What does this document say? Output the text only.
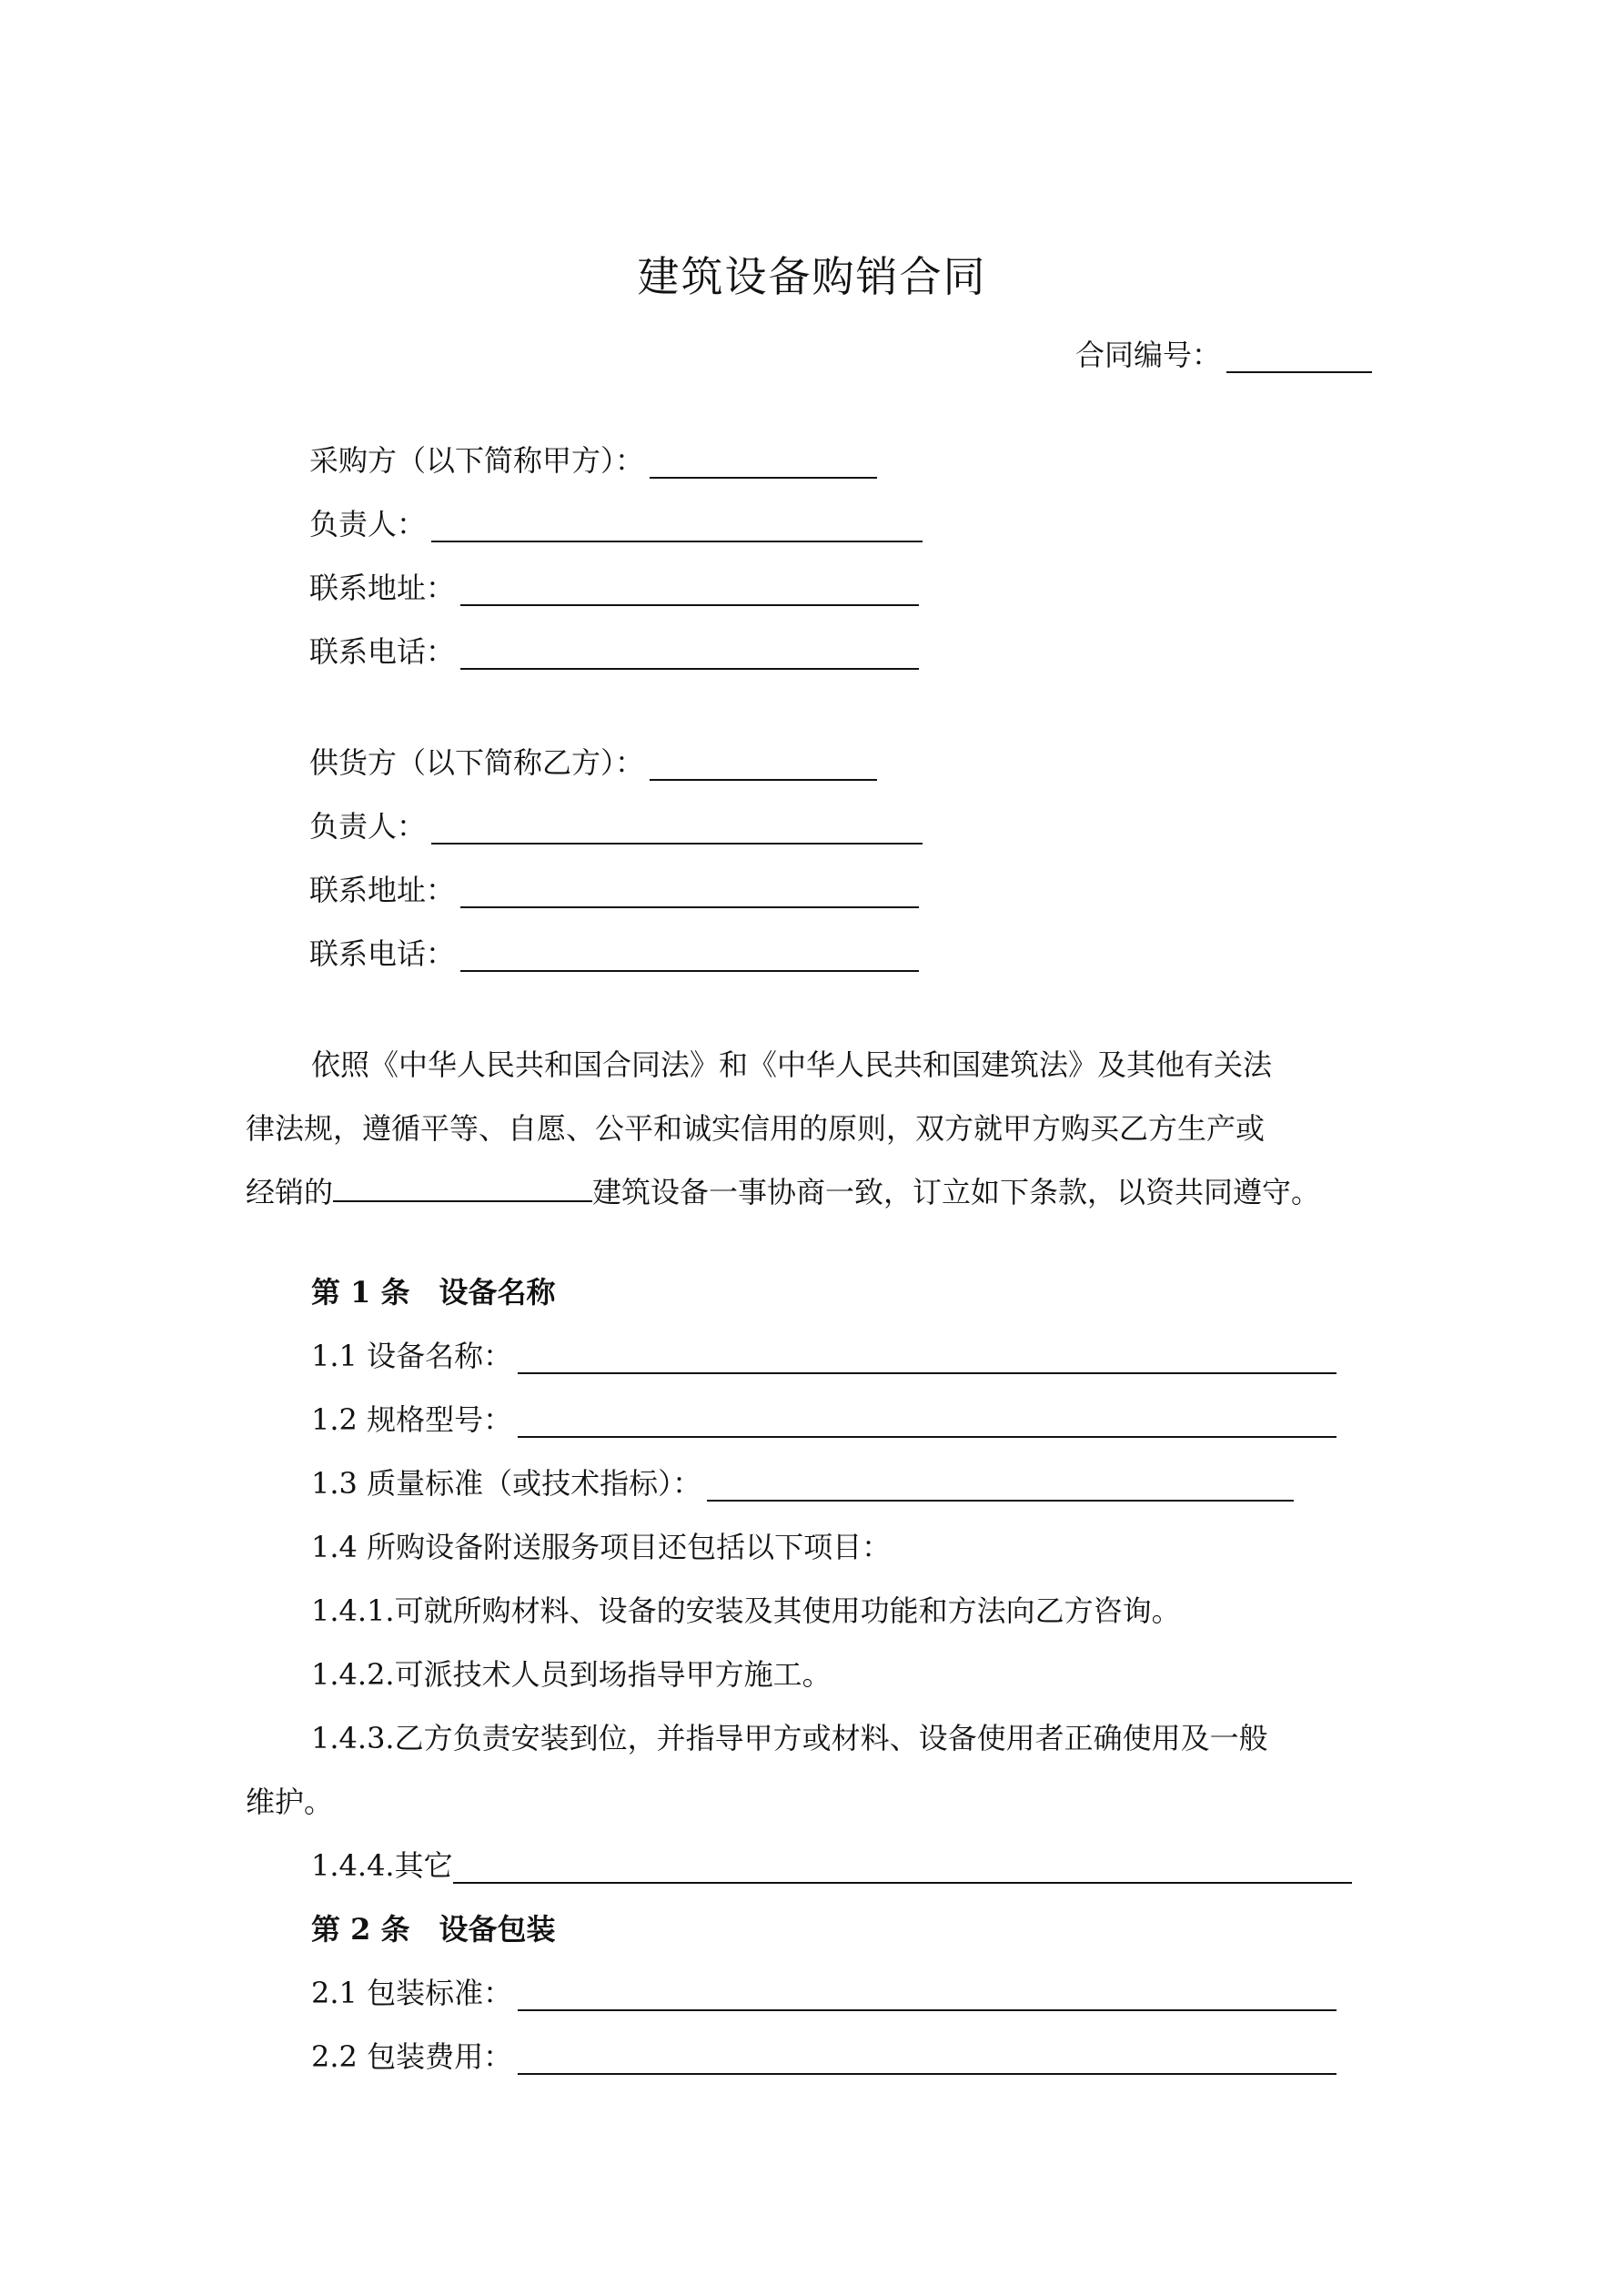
建筑设备购销合同
合同编号：
采购方（以下简称甲方）：
负责人：
联系地址：
联系电话：
供货方（以下简称乙方）：
负责人：
联系地址：
联系电话：
依照《中华人民共和国合同法》和《中华人民共和国建筑法》及其他有关法
律法规，遵循平等、自愿、公平和诚实信用的原则，双方就甲方购买乙方生产或
经销的	建筑设备一事协商一致，订立如下条款，以资共同遵守。
第 1 条　设备名称
1.1 设备名称：
1.2 规格型号：
1.3 质量标准（或技术指标）：
1.4 所购设备附送服务项目还包括以下项目：
1.4.1.可就所购材料、设备的安装及其使用功能和方法向乙方咨询。
1.4.2.可派技术人员到场指导甲方施工。
1.4.3.乙方负责安装到位，并指导甲方或材料、设备使用者正确使用及一般
维护。
1.4.4.其它
第 2 条　设备包装
2.1 包装标准：
2.2 包装费用：
